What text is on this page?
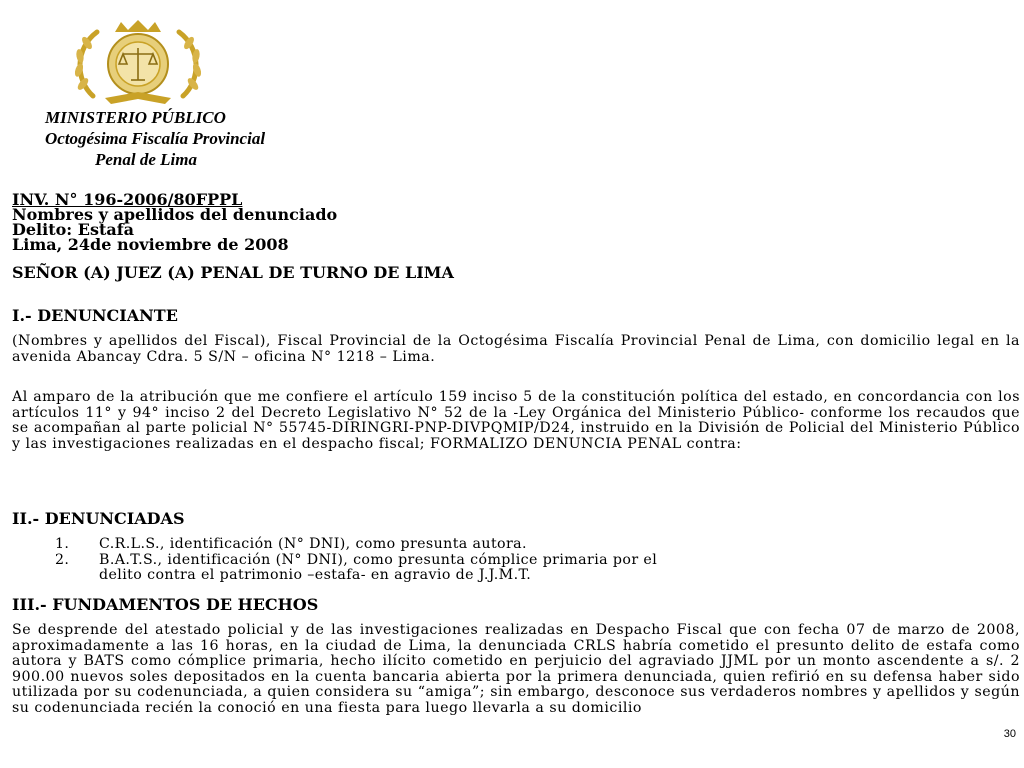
MINISTERIO PÚBLICO
Octogésima Fiscalía Provincial
Penal de Lima
INV. N° 196-2006/80FPPL
Nombres y apellidos del denunciado
Delito: Estafa
Lima, 24de noviembre de 2008
SEÑOR (A) JUEZ (A) PENAL DE TURNO DE LIMA
I.- DENUNCIANTE
(Nombres y apellidos del Fiscal), Fiscal Provincial de la Octogésima Fiscalía Provincial Penal de Lima, con domicilio legal en la avenida Abancay Cdra. 5 S/N – oficina N° 1218 – Lima.
Al amparo de la atribución que me confiere el artículo 159 inciso 5 de la constitución política del estado, en concordancia con los artículos 11° y 94° inciso 2 del Decreto Legislativo N° 52 de la -Ley Orgánica del Ministerio Público- conforme los recaudos que se acompañan al parte policial N° 55745-DIRINGRI-PNP-DIVPQMIP/D24, instruido en la División de Policial del Ministerio Público y las investigaciones realizadas en el despacho fiscal; FORMALIZO DENUNCIA PENAL contra:
II.- DENUNCIADAS
1. C.R.L.S., identificación (N° DNI), como presunta autora.
2. B.A.T.S., identificación (N° DNI), como presunta cómplice primaria por el
delito contra el patrimonio –estafa- en agravio de J.J.M.T.
III.- FUNDAMENTOS DE HECHOS
Se desprende del atestado policial y de las investigaciones realizadas en Despacho Fiscal que con fecha 07 de marzo de 2008, aproximadamente a las 16 horas, en la ciudad de Lima, la denunciada CRLS habría cometido el presunto delito de estafa como autora y BATS como cómplice primaria, hecho ilícito cometido en perjuicio del agraviado JJML por un monto ascendente a s/. 2 900.00 nuevos soles depositados en la cuenta bancaria abierta por la primera denunciada, quien refirió en su defensa haber sido utilizada por su codenunciada, a quien considera su “amiga”; sin embargo, desconoce sus verdaderos nombres y apellidos y según su codenunciada recién la conoció en una fiesta para luego llevarla a su domicilio
30
